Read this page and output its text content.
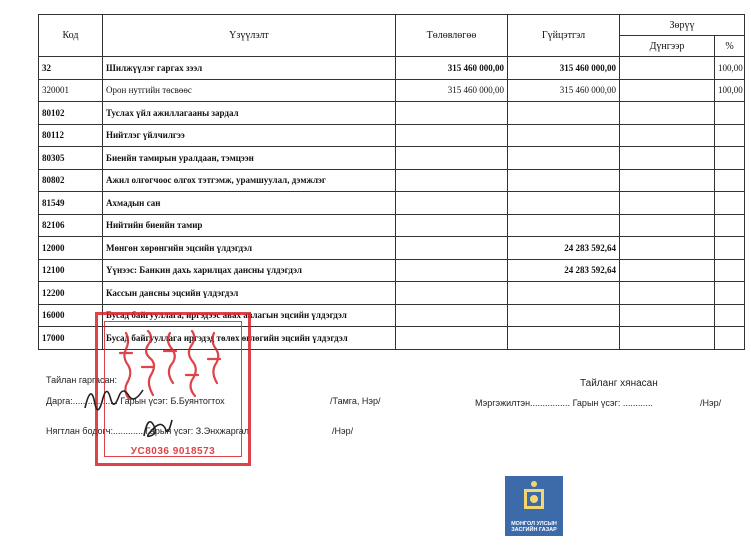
Код	Үзүүлэлт	Төлөвлөгөө	Гүйцэтгэл	Зөрүү	
				Дүнгээр	%
32	Шилжүүлэг гаргах зээл	315 460 000,00	315 460 000,00		100,00
320001	Орон нутгийн төсвөөс	315 460 000,00	315 460 000,00		100,00
80102	Туслах үйл ажиллагааны зардал				
80112	Нийтлэг үйлчилгээ				
80305	Биеийн тамирын уралдаан, тэмцээн				
80802	Ажил олгогчоос олгох тэтгэмж, урамшуулал, дэмжлэг				
81549	Ахмадын сан				
82106	Нийтийн биеийн тамир				
12000	Мөнгөн хөрөнгийн эцсийн үлдэгдэл		24 283 592,64		
12100	Үүнээс: Банкин дахь харилцах дансны үлдэгдэл		24 283 592,64		
12200	Кассын дансны эцсийн үлдэгдэл				
16000	Бусад байгууллага, иргэдээс авах авлагын эцсийн үлдэгдэл				
17000	Бусад байгууллага иргэдэд төлөх өглөгийн эцсийн үлдэгдэл				
Тайлан гаргасан:
Дарга:.................. Гарын үсэг: Б.Буянтогтох	/Тамга, Нэр/
Нягтлан бодогч:.............Гарын үсэг: З.Энхжаргал	/Нэр/
Тайланг хянасан
Мэргэжилтэн................ Гарын үсэг: ............	/Нэр/
УС8036 9018573
МОНГОЛ УЛСЫН
ЗАСГИЙН ГАЗАР
